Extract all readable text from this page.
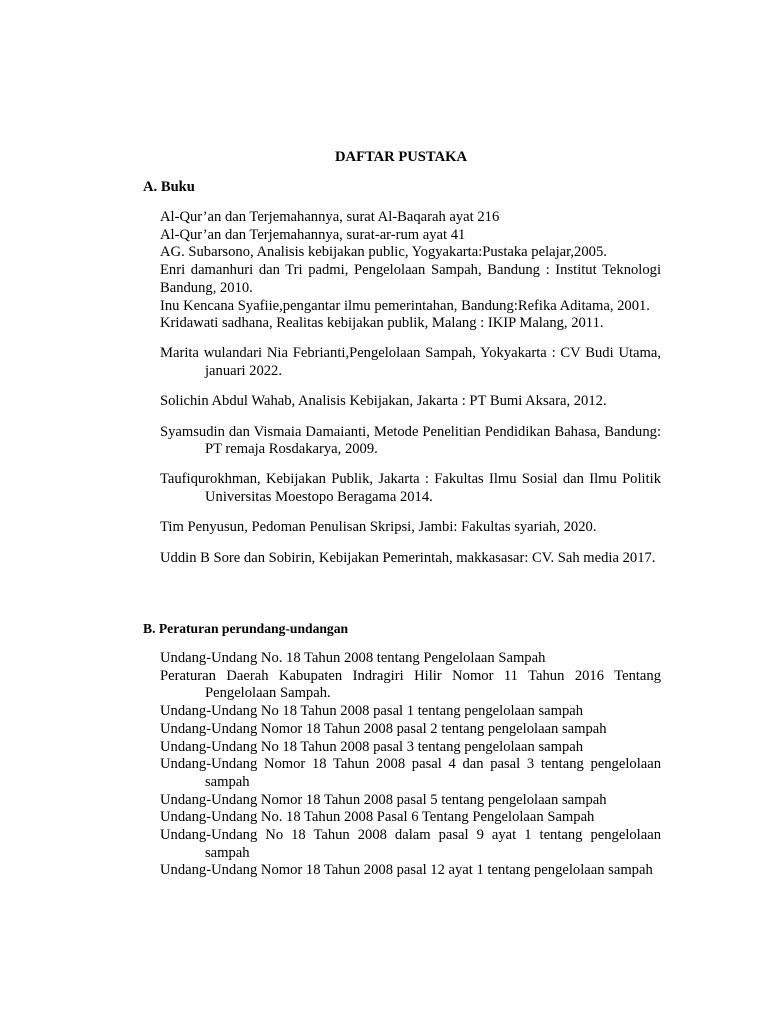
DAFTAR PUSTAKA
A. Buku

Al-Qur’an dan Terjemahannya, surat Al-Baqarah ayat 216

Al-Qur’an dan Terjemahannya, surat-ar-rum ayat 41

AG. Subarsono, Analisis kebijakan public, Yogyakarta:Pustaka pelajar,2005.

Enri damanhuri dan Tri padmi, Pengelolaan Sampah, Bandung : Institut Teknologi Bandung, 2010.

Inu Kencana Syafiie,pengantar ilmu pemerintahan, Bandung:Refika Aditama, 2001.

Kridawati sadhana, Realitas kebijakan publik, Malang : IKIP Malang, 2011.

Marita wulandari Nia Febrianti,Pengelolaan Sampah, Yokyakarta : CV Budi Utama, januari 2022.

Solichin Abdul Wahab, Analisis Kebijakan, Jakarta : PT Bumi Aksara, 2012.

Syamsudin dan Vismaia Damaianti, Metode Penelitian Pendidikan Bahasa, Bandung: PT remaja Rosdakarya, 2009.

Taufiqurokhman, Kebijakan Publik, Jakarta : Fakultas Ilmu Sosial dan Ilmu Politik Universitas Moestopo Beragama 2014.

Tim Penyusun, Pedoman Penulisan Skripsi, Jambi: Fakultas syariah, 2020.

Uddin B Sore dan Sobirin, Kebijakan Pemerintah, makkasasar: CV. Sah media 2017.

B. Peraturan perundang-undangan

Undang-Undang No. 18 Tahun 2008 tentang Pengelolaan Sampah

Peraturan Daerah Kabupaten Indragiri Hilir Nomor 11 Tahun 2016 Tentang Pengelolaan Sampah.

Undang-Undang No 18 Tahun 2008 pasal 1 tentang pengelolaan sampah

Undang-Undang Nomor 18 Tahun 2008 pasal 2 tentang pengelolaan sampah

Undang-Undang No 18 Tahun 2008 pasal 3 tentang pengelolaan sampah

Undang-Undang Nomor 18 Tahun 2008 pasal 4 dan pasal 3 tentang pengelolaan sampah

Undang-Undang Nomor 18 Tahun 2008 pasal 5 tentang pengelolaan sampah

Undang-Undang No. 18 Tahun 2008 Pasal 6 Tentang Pengelolaan Sampah

Undang-Undang No 18 Tahun 2008 dalam pasal 9 ayat 1 tentang pengelolaan sampah

Undang-Undang Nomor 18 Tahun 2008 pasal 12 ayat 1 tentang pengelolaan sampah
